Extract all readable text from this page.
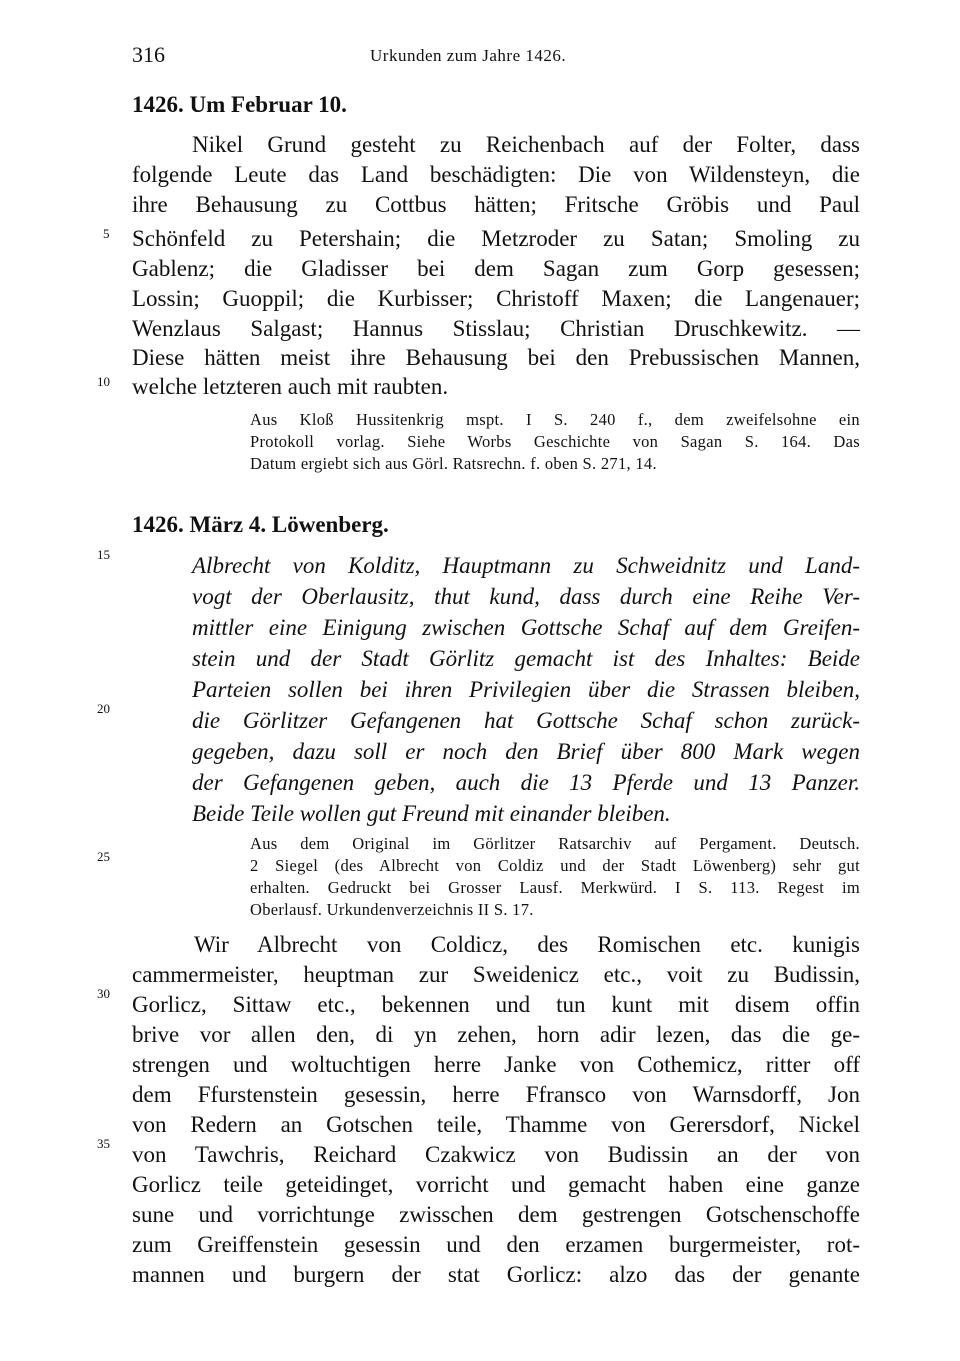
316	Urkunden zum Jahre 1426.
1426. Um Februar 10.
Nikel Grund gesteht zu Reichenbach auf der Folter, dass
folgende Leute das Land beschädigten: Die von Wildensteyn, die
ihre Behausung zu Cottbus hätten; Fritsche Gröbis und Paul
Schönfeld zu Petershain; die Metzroder zu Satan; Smoling zu
Gablenz; die Gladisser bei dem Sagan zum Gorp gesessen;
Lossin; Guoppil; die Kurbisser; Christoff Maxen; die Langenauer;
Wenzlaus Salgast; Hannus Stisslau; Christian Druschkewitz. —
Diese hätten meist ihre Behausung bei den Prebussischen Mannen,
welche letzteren auch mit raubten.
Aus Kloß Hussitenkrig mspt. I S. 240 f., dem zweifelsohne ein
Protokoll vorlag. Siehe Worbs Geschichte von Sagan S. 164. Das
Datum ergiebt sich aus Görl. Ratsrechn. f. oben S. 271, 14.
1426. März 4. Löwenberg.
Albrecht von Kolditz, Hauptmann zu Schweidnitz und Land-
vogt der Oberlausitz, thut kund, dass durch eine Reihe Ver-
mittler eine Einigung zwischen Gottsche Schaf auf dem Greifen-
stein und der Stadt Görlitz gemacht ist des Inhaltes: Beide
Parteien sollen bei ihren Privilegien über die Strassen bleiben,
die Görlitzer Gefangenen hat Gottsche Schaf schon zurück-
gegeben, dazu soll er noch den Brief über 800 Mark wegen
der Gefangenen geben, auch die 13 Pferde und 13 Panzer.
Beide Teile wollen gut Freund mit einander bleiben.
Aus dem Original im Görlitzer Ratsarchiv auf Pergament. Deutsch.
2 Siegel (des Albrecht von Coldiz und der Stadt Löwenberg) sehr gut
erhalten. Gedruckt bei Grosser Lausf. Merkwürd. I S. 113. Regest im
Oberlausf. Urkundenverzeichnis II S. 17.
Wir Albrecht von Coldicz, des Romischen etc. kunigis
cammermeister, heuptman zur Sweidenicz etc., voit zu Budissin,
Gorlicz, Sittaw etc., bekennen und tun kunt mit disem offin
brive vor allen den, di yn zehen, horn adir lezen, das die ge-
strengen und woltuchtigen herre Janke von Cothemicz, ritter off
dem Ffurstenstein gesessin, herre Ffransco von Warnsdorff, Jon
von Redern an Gotschen teile, Thamme von Gerersdorf, Nickel
von Tawchris, Reichard Czakwicz von Budissin an der von
Gorlicz teile geteidinget, vorricht und gemacht haben eine ganze
sune und vorrichtunge zwisschen dem gestrengen Gotschenschoffe
zum Greiffenstein gesessin und den erzamen burgermeister, rot-
mannen und burgern der stat Gorlicz: alzo das der genante
5
10
15
20
25
30
35
